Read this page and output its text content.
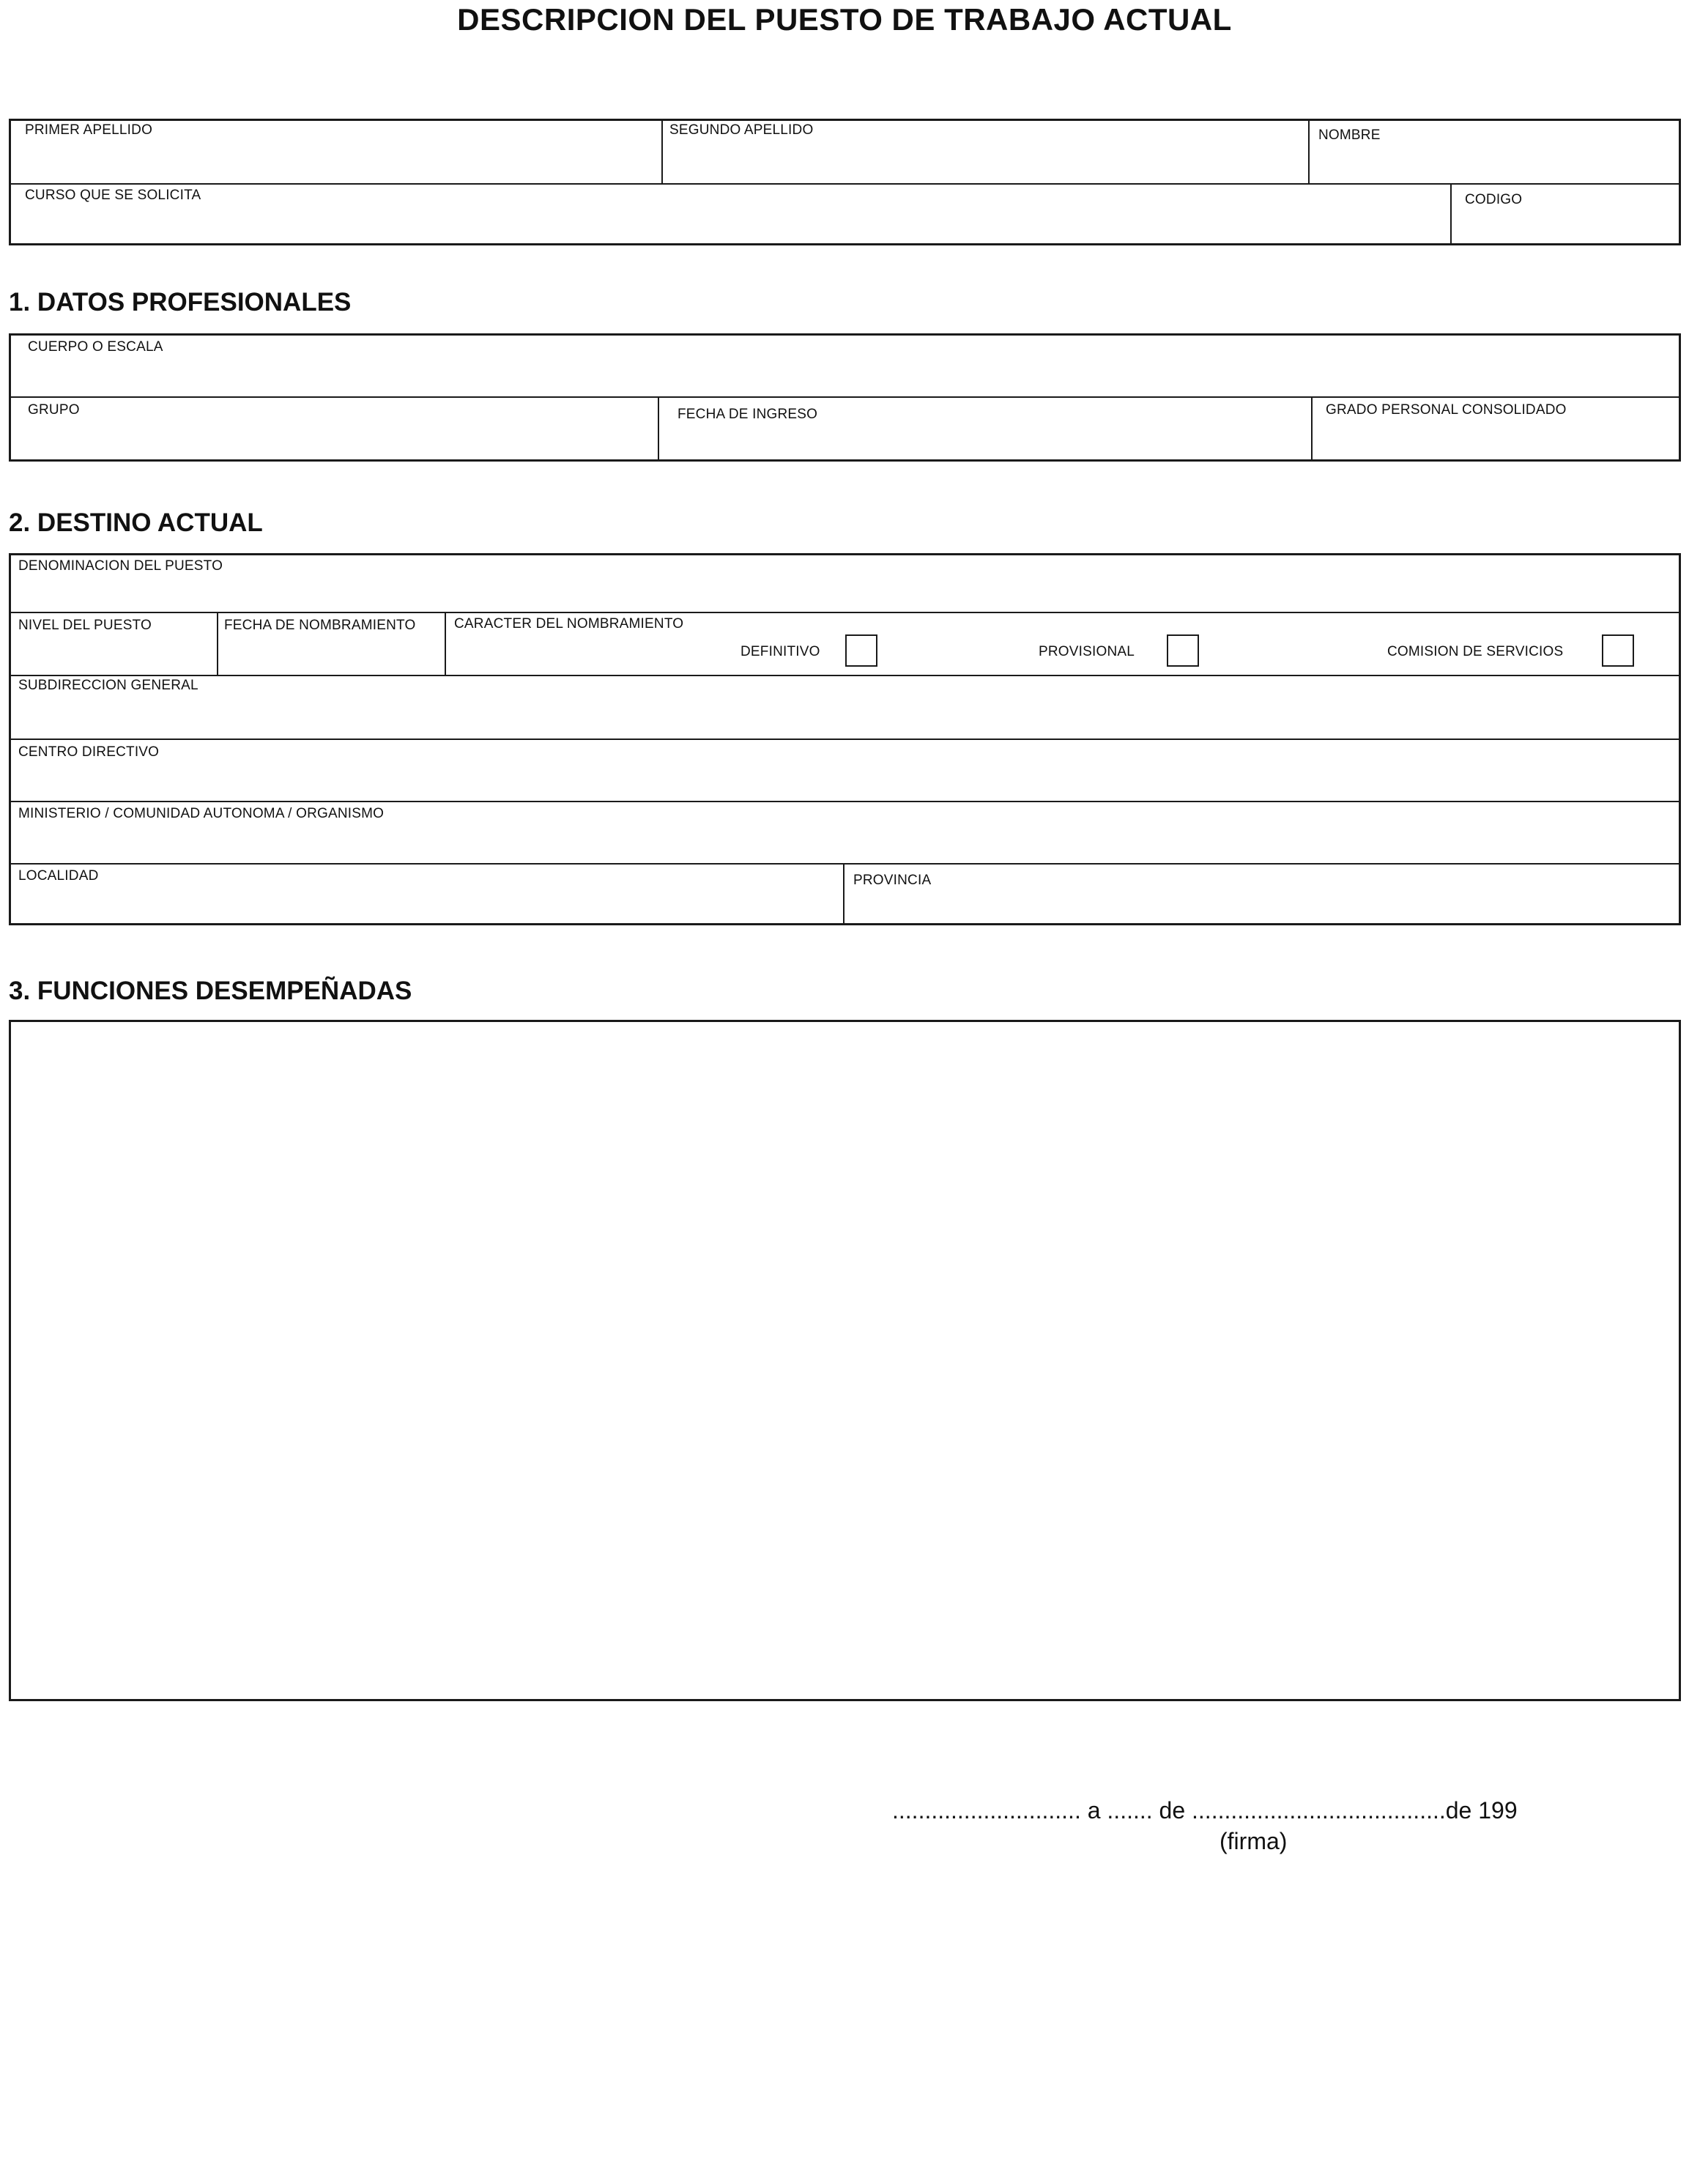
DESCRIPCION DEL PUESTO DE TRABAJO ACTUAL
PRIMER APELLIDO	SEGUNDO APELLIDO	NOMBRE
CURSO QUE SE SOLICITA	CODIGO
1. DATOS PROFESIONALES
CUERPO O ESCALA
GRUPO	FECHA DE INGRESO	GRADO PERSONAL CONSOLIDADO
2. DESTINO ACTUAL
DENOMINACION DEL PUESTO
NIVEL DEL PUESTO	FECHA DE NOMBRAMIENTO	CARACTER DEL NOMBRAMIENTO
DEFINITIVO	PROVISIONAL	COMISION DE SERVICIOS
SUBDIRECCION GENERAL
CENTRO DIRECTIVO
MINISTERIO / COMUNIDAD AUTONOMA / ORGANISMO
LOCALIDAD	PROVINCIA
3. FUNCIONES DESEMPEÑADAS
............................. a ....... de .......................................de 199
(firma)
